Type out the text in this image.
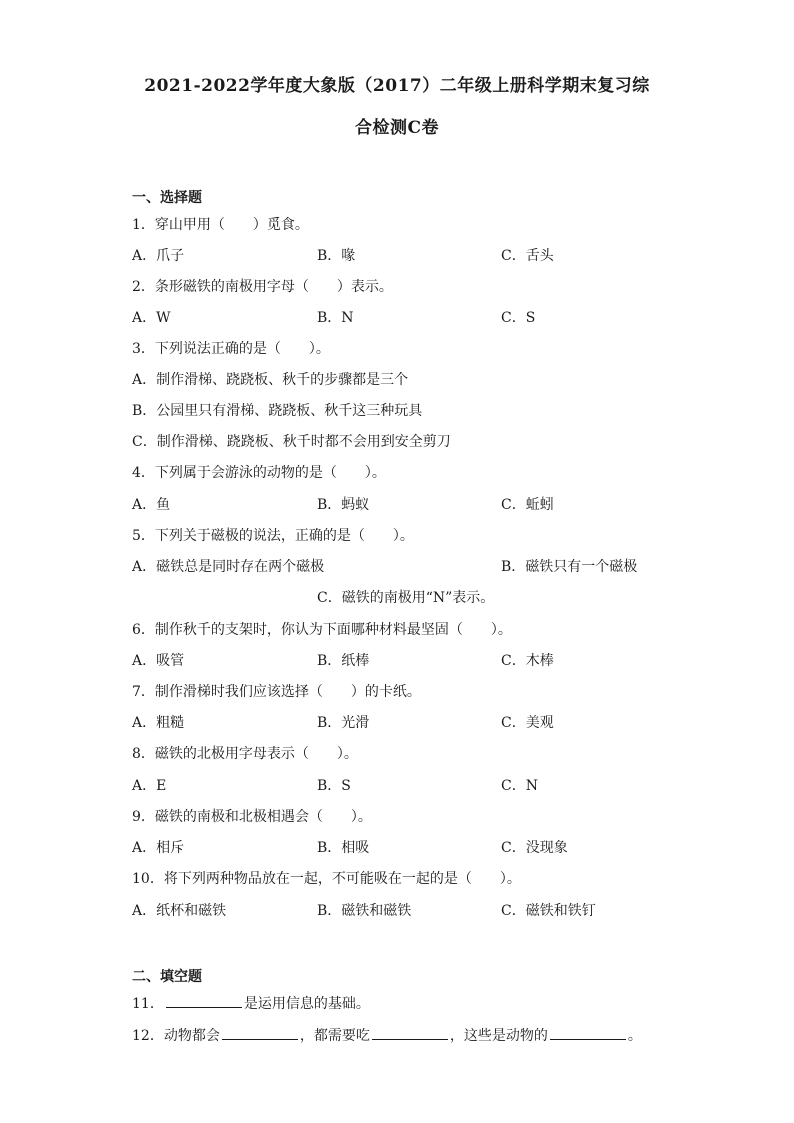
2021-2022学年度大象版（2017）二年级上册科学期末复习综
合检测C卷
一、选择题
1．穿山甲用（　　）觅食。
A．爪子	B．喙	C．舌头
2．条形磁铁的南极用字母（　　）表示。
A．W	B．N	C．S
3．下列说法正确的是（　　）。
A．制作滑梯、跷跷板、秋千的步骤都是三个
B．公园里只有滑梯、跷跷板、秋千这三种玩具
C．制作滑梯、跷跷板、秋千时都不会用到安全剪刀
4．下列属于会游泳的动物的是（　　）。
A．鱼	B．蚂蚁	C．蚯蚓
5．下列关于磁极的说法，正确的是（　　）。
A．磁铁总是同时存在两个磁极	B．磁铁只有一个磁极
C．磁铁的南极用“N”表示。
6．制作秋千的支架时，你认为下面哪种材料最坚固（　　）。
A．吸管	B．纸棒	C．木棒
7．制作滑梯时我们应该选择（　　）的卡纸。
A．粗糙	B．光滑	C．美观
8．磁铁的北极用字母表示（　　）。
A．E	B．S	C．N
9．磁铁的南极和北极相遇会（　　）。
A．相斥	B．相吸	C．没现象
10．将下列两种物品放在一起，不可能吸在一起的是（　　）。
A．纸杯和磁铁	B．磁铁和磁铁	C．磁铁和铁钉
二、填空题
11．	是运用信息的基础。
12．动物都会	，都需要吃	，这些是动物的	。
